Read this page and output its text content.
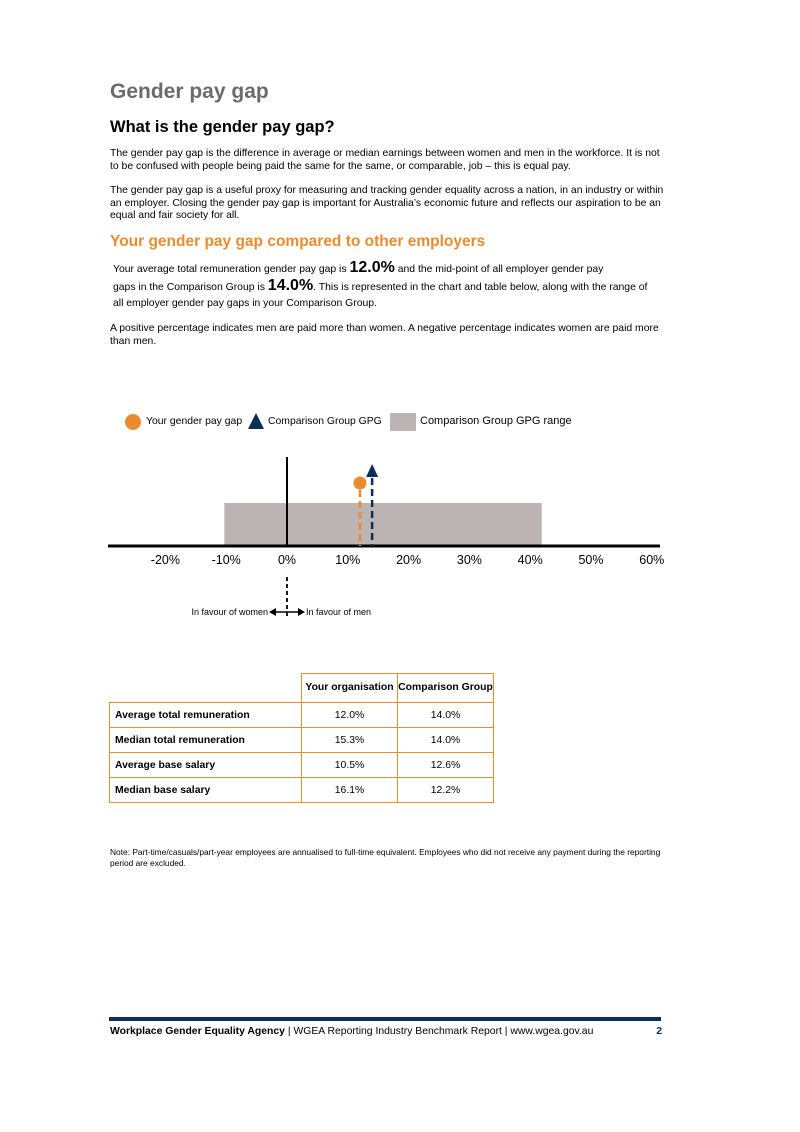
Gender pay gap
What is the gender pay gap?

The gender pay gap is the difference in average or median earnings between women and men in the workforce. It is not to be confused with people being paid the same for the same, or comparable, job – this is equal pay.

The gender pay gap is a useful proxy for measuring and tracking gender equality across a nation, in an industry or within an employer. Closing the gender pay gap is important for Australia’s economic future and reflects our aspiration to be an equal and fair society for all.

Your gender pay gap compared to other employers

Your average total remuneration gender pay gap is 12.0% and the mid-point of all employer gender pay
gaps in the Comparison Group is 14.0%. This is represented in the chart and table below, along with the range of all employer gender pay gaps in your Comparison Group.

A positive percentage indicates men are paid more than women. A negative percentage indicates women are paid more than men.

Your gender pay gap Comparison Group GPG	Comparison Group GPG range
-20%	-10%	0%	10%	20%	30%	40%	50%	60%
In favour of women	In favour of men
	Your organisation	Comparison Group
Average total remuneration	12.0%	14.0%
Median total remuneration	15.3%	14.0%
Average base salary	10.5%	12.6%
Median base salary	16.1%	12.2%

Note: Part-time/casuals/part-year employees are annualised to full-time equivalent. Employees who did not receive any payment during the reporting period are excluded.

Workplace Gender Equality Agency | WGEA Reporting Industry Benchmark Report | www.wgea.gov.au	2
